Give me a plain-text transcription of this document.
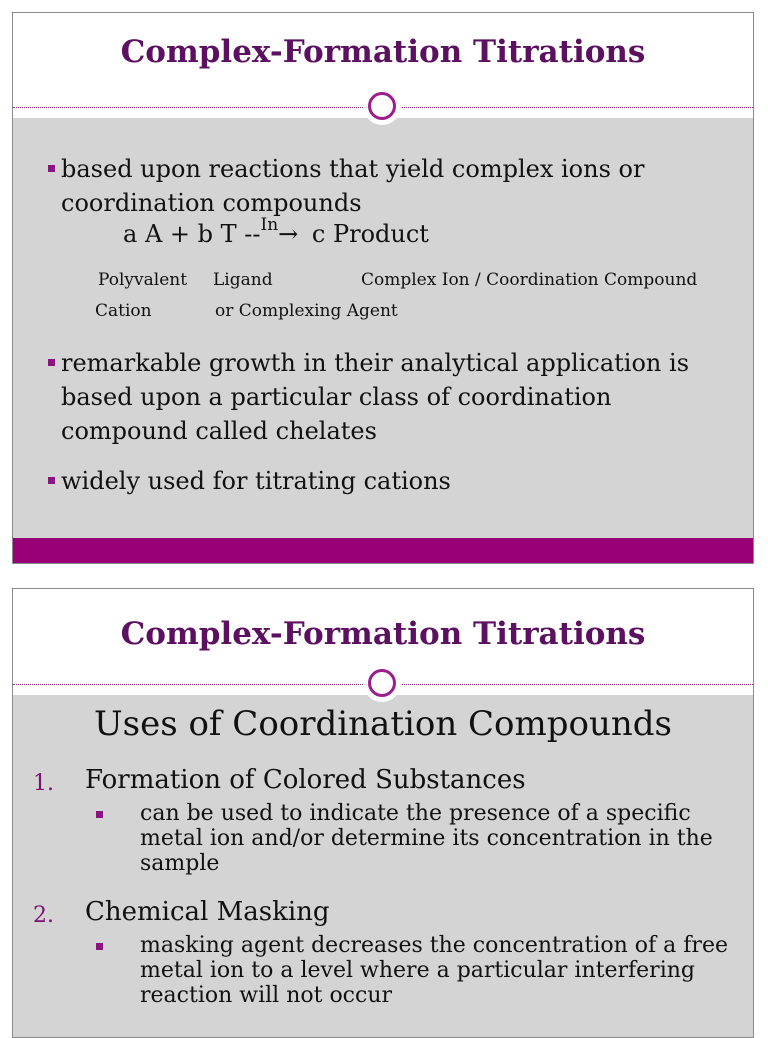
Complex-Formation Titrations
based upon reactions that yield complex ions or coordination compounds
a A + b T --$^{In}$→ c Product
Polyvalent
Cation
Ligand
or Complexing Agent
Complex Ion / Coordination Compound
remarkable growth in their analytical application is based upon a particular class of coordination compound called chelates
widely used for titrating cations
Complex-Formation Titrations
Uses of Coordination Compounds
1. Formation of Colored Substances
can be used to indicate the presence of a specific metal ion and/or determine its concentration in the sample
2. Chemical Masking
masking agent decreases the concentration of a free metal ion to a level where a particular interfering reaction will not occur
